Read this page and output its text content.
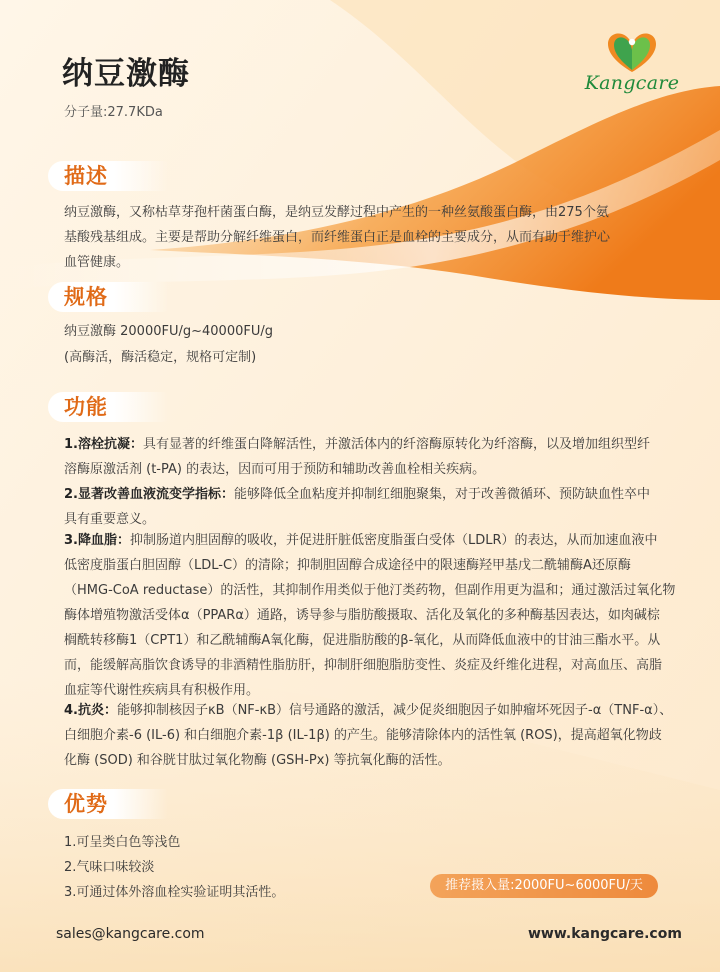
纳豆激酶
分子量:27.7KDa
Kangcare
描述
纳豆激酶，又称枯草芽孢杆菌蛋白酶，是纳豆发酵过程中产生的一种丝氨酸蛋白酶，由275个氨
基酸残基组成。主要是帮助分解纤维蛋白，而纤维蛋白正是血栓的主要成分，从而有助于维护心
血管健康。
规格
纳豆激酶 20000FU/g~40000FU/g
(高酶活，酶活稳定，规格可定制)
功能
1.溶栓抗凝：具有显著的纤维蛋白降解活性，并激活体内的纤溶酶原转化为纤溶酶，以及增加组织型纤
溶酶原激活剂 (t-PA) 的表达，因而可用于预防和辅助改善血栓相关疾病。
2.显著改善血液流变学指标：能够降低全血粘度并抑制红细胞聚集，对于改善微循环、预防缺血性卒中
具有重要意义。
3.降血脂：抑制肠道内胆固醇的吸收，并促进肝脏低密度脂蛋白受体（LDLR）的表达，从而加速血液中
低密度脂蛋白胆固醇（LDL-C）的清除；抑制胆固醇合成途径中的限速酶羟甲基戊二酰辅酶A还原酶
（HMG-CoA reductase）的活性，其抑制作用类似于他汀类药物，但副作用更为温和；通过激活过氧化物
酶体增殖物激活受体α（PPARα）通路，诱导参与脂肪酸摄取、活化及氧化的多种酶基因表达，如肉碱棕
榈酰转移酶1（CPT1）和乙酰辅酶A氧化酶，促进脂肪酸的β-氧化，从而降低血液中的甘油三酯水平。从
而，能缓解高脂饮食诱导的非酒精性脂肪肝，抑制肝细胞脂肪变性、炎症及纤维化进程，对高血压、高脂
血症等代谢性疾病具有积极作用。
4.抗炎：能够抑制核因子κB（NF-κB）信号通路的激活，减少促炎细胞因子如肿瘤坏死因子-α（TNF-α）、
白细胞介素-6 (IL-6) 和白细胞介素-1β (IL-1β) 的产生。能够清除体内的活性氧 (ROS)，提高超氧化物歧
化酶 (SOD) 和谷胱甘肽过氧化物酶 (GSH-Px) 等抗氧化酶的活性。
优势
1.可呈类白色等浅色
2.气味口味较淡
3.可通过体外溶血栓实验证明其活性。	推荐摄入量:2000FU~6000FU/天
sales@kangcare.com	www.kangcare.com
